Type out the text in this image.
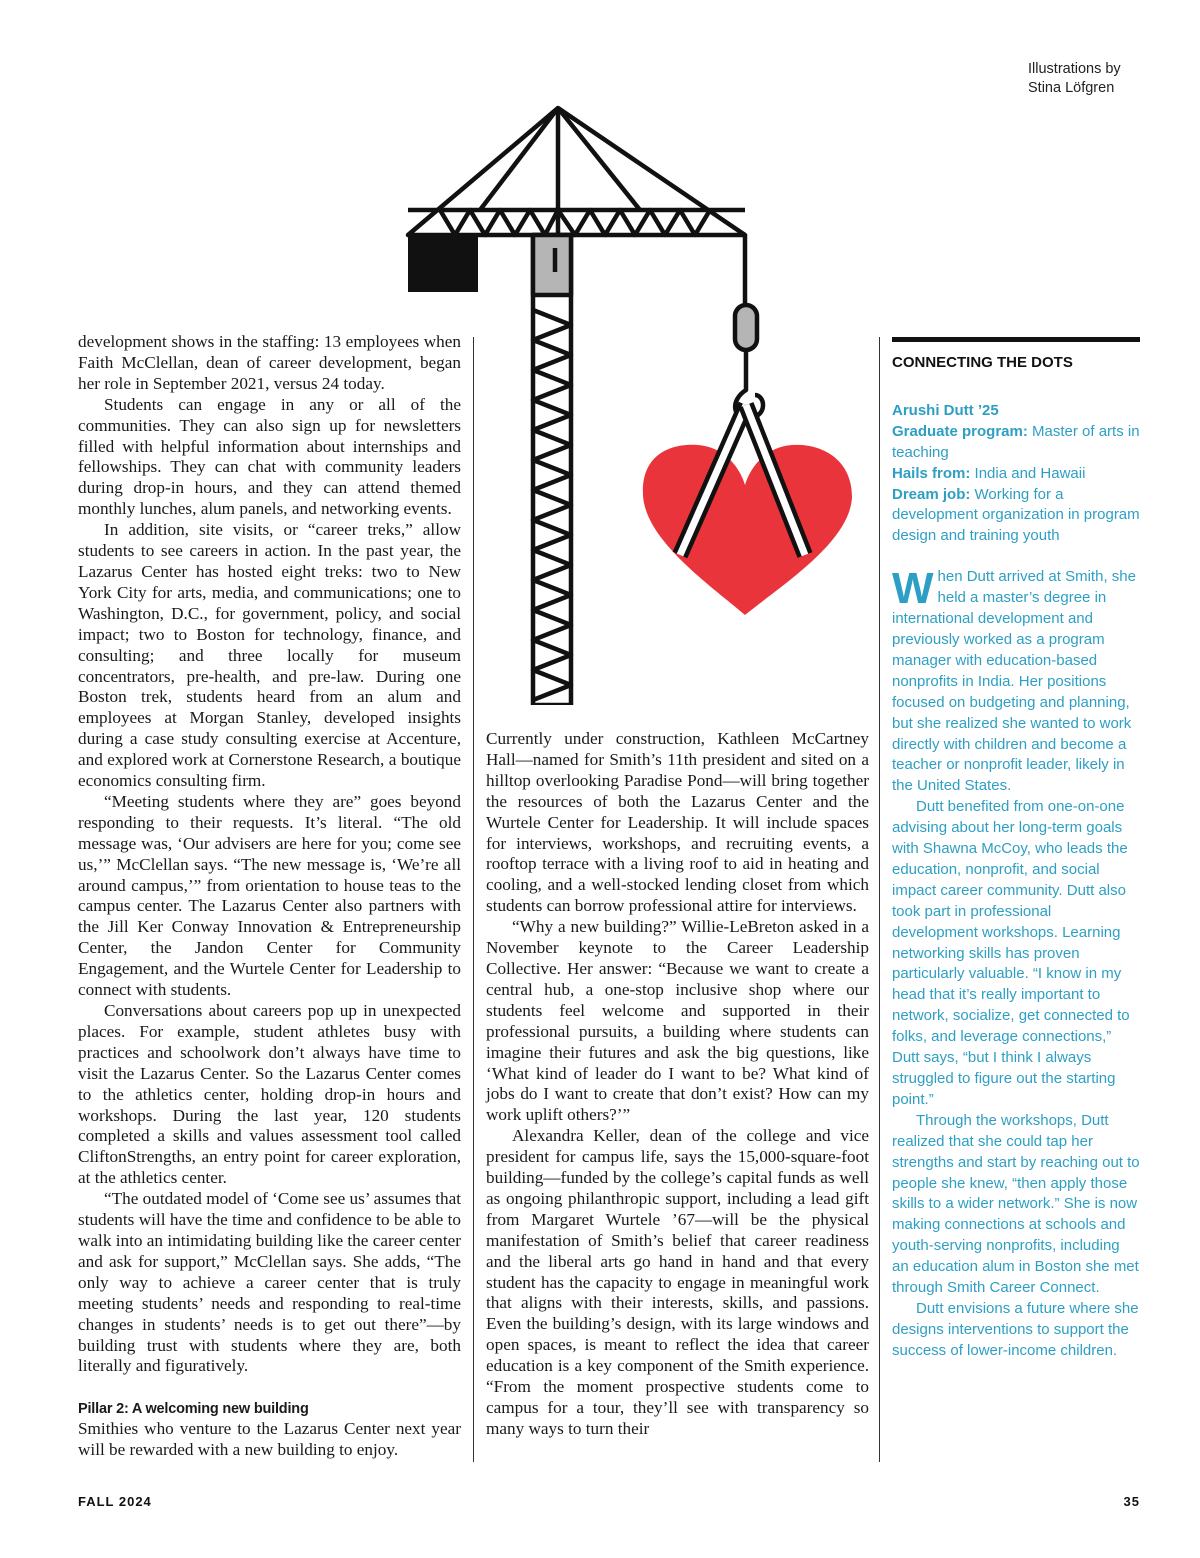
Illustrations by
Stina Löfgren

development shows in the staffing: 13 employees when Faith McClellan, dean of career development, began her role in September 2021, versus 24 today.

Students can engage in any or all of the communities. They can also sign up for newsletters filled with helpful information about internships and fellowships. They can chat with community leaders during drop-in hours, and they can attend themed monthly lunches, alum panels, and networking events.

In addition, site visits, or “career treks,” allow students to see careers in action. In the past year, the Lazarus Center has hosted eight treks: two to New York City for arts, media, and communications; one to Washington, D.C., for government, policy, and social impact; two to Boston for technology, finance, and consulting; and three locally for museum concentrators, pre-health, and pre-law. During one Boston trek, students heard from an alum and employees at Morgan Stanley, developed insights during a case study consulting exercise at Accenture, and explored work at Cornerstone Research, a boutique economics consulting firm.

“Meeting students where they are” goes beyond responding to their requests. It’s literal. “The old message was, ‘Our advisers are here for you; come see us,’” McClellan says. “The new message is, ‘We’re all around campus,’” from orientation to house teas to the campus center. The Lazarus Center also partners with the Jill Ker Conway Innovation & Entrepreneurship Center, the Jandon Center for Community Engagement, and the Wurtele Center for Leadership to connect with students.

Conversations about careers pop up in unexpected places. For example, student athletes busy with practices and schoolwork don’t always have time to visit the Lazarus Center. So the Lazarus Center comes to the athletics center, holding drop-in hours and workshops. During the last year, 120 students completed a skills and values assessment tool called CliftonStrengths, an entry point for career exploration, at the athletics center.

“The outdated model of ‘Come see us’ assumes that students will have the time and confidence to be able to walk into an intimidating building like the career center and ask for support,” McClellan says. She adds, “The only way to achieve a career center that is truly meeting students’ needs and responding to real-time changes in students’ needs is to get out there”—by building trust with students where they are, both literally and figuratively.

Pillar 2: A welcoming new building

Smithies who venture to the Lazarus Center next year will be rewarded with a new building to enjoy.

Currently under construction, Kathleen McCartney Hall—named for Smith’s 11th president and sited on a hilltop overlooking Paradise Pond—will bring together the resources of both the Lazarus Center and the Wurtele Center for Leadership. It will include spaces for interviews, workshops, and recruiting events, a rooftop terrace with a living roof to aid in heating and cooling, and a well-stocked lending closet from which students can borrow professional attire for interviews.

“Why a new building?” Willie-LeBreton asked in a November keynote to the Career Leadership Collective. Her answer: “Because we want to create a central hub, a one-stop inclusive shop where our students feel welcome and supported in their professional pursuits, a building where students can imagine their futures and ask the big questions, like ‘What kind of leader do I want to be? What kind of jobs do I want to create that don’t exist? How can my work uplift others?’”

Alexandra Keller, dean of the college and vice president for campus life, says the 15,000-square-foot building—funded by the college’s capital funds as well as ongoing philanthropic support, including a lead gift from Margaret Wurtele ’67—will be the physical manifestation of Smith’s belief that career readiness and the liberal arts go hand in hand and that every student has the capacity to engage in meaningful work that aligns with their interests, skills, and passions. Even the building’s design, with its large windows and open spaces, is meant to reflect the idea that career education is a key component of the Smith experience. “From the moment prospective students come to campus for a tour, they’ll see with transparency so many ways to turn their

CONNECTING THE DOTS
Arushi Dutt ’25
Graduate program: Master of arts in teaching
Hails from: India and Hawaii
Dream job: Working for a development organization in program design and training youth

When Dutt arrived at Smith, she held a master’s degree in international development and previously worked as a program manager with education-based nonprofits in India. Her positions focused on budgeting and planning, but she realized she wanted to work directly with children and become a teacher or nonprofit leader, likely in the United States.

Dutt benefited from one-on-one advising about her long-term goals with Shawna McCoy, who leads the education, nonprofit, and social impact career community. Dutt also took part in professional development workshops. Learning networking skills has proven particularly valuable. “I know in my head that it’s really important to network, socialize, get connected to folks, and leverage connections,” Dutt says, “but I think I always struggled to figure out the starting point.”

Through the workshops, Dutt realized that she could tap her strengths and start by reaching out to people she knew, “then apply those skills to a wider network.” She is now making connections at schools and youth-serving nonprofits, including an education alum in Boston she met through Smith Career Connect.

Dutt envisions a future where she designs interventions to support the success of lower-income children.

FALL 2024	35
